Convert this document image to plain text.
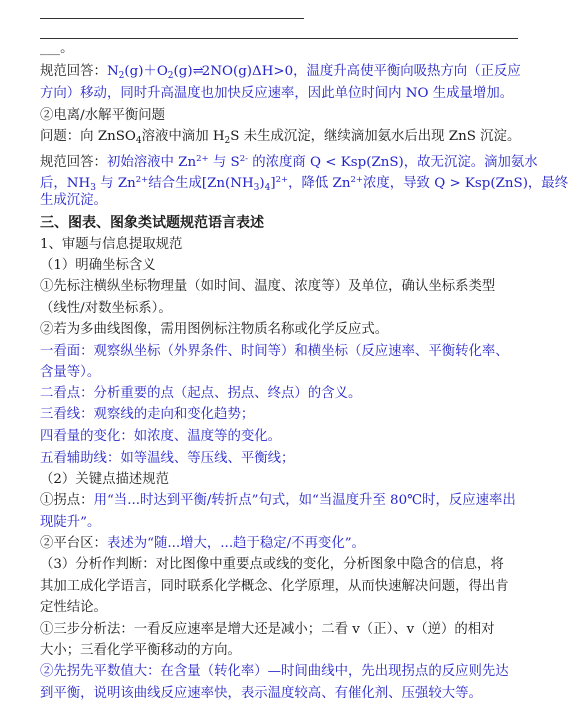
___。
规范回答：$N_2(g)+O_2(g)\rightleftharpoons 2NO(g)\Delta H>0$，温度升高使平衡向吸热方向（正反应
方向）移动，同时升高温度也加快反应速率，因此单位时间内 NO 生成量增加。
②电离/水解平衡问题
问题：向 ZnSO$_4$溶液中滴加 $H_2S$ 未生成沉淀，继续滴加氨水后出现 ZnS 沉淀。
规范回答：初始溶液中 $Zn^{2+}$ 与 $S^{2-}$ 的浓度商 Q < Ksp(ZnS)，故无沉淀。滴加氨水
后，$NH_3$ 与 $Zn^{2+}$结合生成$[Zn(NH_3)_4]^{2+}$，降低 $Zn^{2+}$浓度，导致 Q > Ksp(ZnS)，最终
生成沉淀。
三、图表、图象类试题规范语言表述
1、审题与信息提取规范
（1）明确坐标含义
①先标注横纵坐标物理量（如时间、温度、浓度等）及单位，确认坐标系类型
（线性/对数坐标系）。
②若为多曲线图像，需用图例标注物质名称或化学反应式。
一看面：观察纵坐标（外界条件、时间等）和横坐标（反应速率、平衡转化率、
含量等）。
二看点：分析重要的点（起点、拐点、终点）的含义。
三看线：观察线的走向和变化趋势；
四看量的变化：如浓度、温度等的变化。
五看辅助线：如等温线、等压线、平衡线；
（2）关键点描述规范
①拐点：用“当...时达到平衡/转折点”句式，如“当温度升至 80℃时，反应速率出
现陡升”。
②平台区：表述为“随...增大，...趋于稳定/不再变化”。
（3）分析作判断：对比图像中重要点或线的变化，分析图象中隐含的信息，将
其加工成化学语言，同时联系化学概念、化学原理，从而快速解决问题，得出肯
定性结论。
①三步分析法：一看反应速率是增大还是减小；二看 v（正）、v（逆）的相对
大小；三看化学平衡移动的方向。
②先拐先平数值大：在含量（转化率）—时间曲线中，先出现拐点的反应则先达
到平衡，说明该曲线反应速率快，表示温度较高、有催化剂、压强较大等。
